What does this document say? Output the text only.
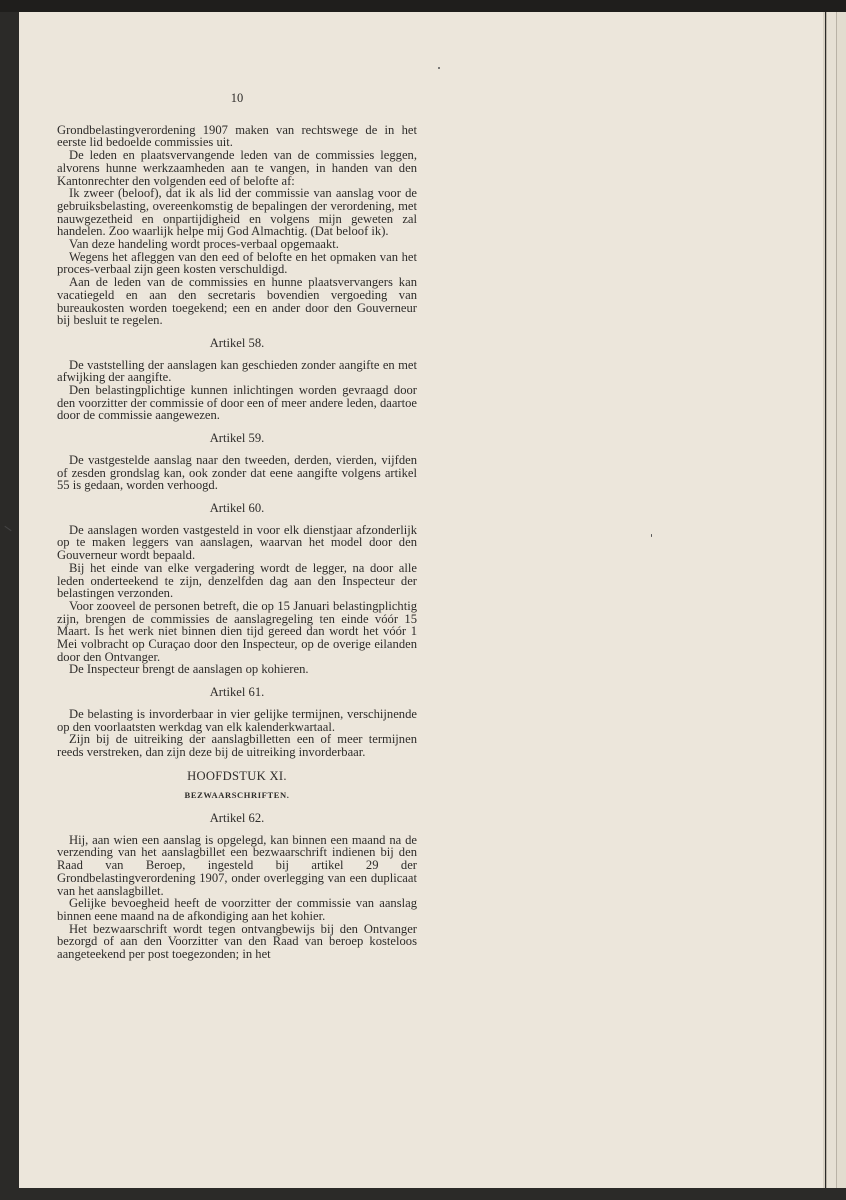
10
Grondbelastingverordening 1907 maken van rechtswege de in het eerste lid bedoelde commissies uit.
De leden en plaatsvervangende leden van de commissies leggen, alvorens hunne werkzaamheden aan te vangen, in handen van den Kantonrechter den volgenden eed of belofte af:
Ik zweer (beloof), dat ik als lid der commissie van aanslag voor de gebruiksbelasting, overeenkomstig de bepalingen der verordening, met nauwgezetheid en onpartijdigheid en volgens mijn geweten zal handelen. Zoo waarlijk helpe mij God Almachtig. (Dat beloof ik).
Van deze handeling wordt proces-verbaal opgemaakt.
Wegens het afleggen van den eed of belofte en het opmaken van het proces-verbaal zijn geen kosten verschuldigd.
Aan de leden van de commissies en hunne plaatsvervangers kan vacatiegeld en aan den secretaris bovendien vergoeding van bureaukosten worden toegekend; een en ander door den Gouverneur bij besluit te regelen.
Artikel 58.
De vaststelling der aanslagen kan geschieden zonder aangifte en met afwijking der aangifte.
Den belastingplichtige kunnen inlichtingen worden gevraagd door den voorzitter der commissie of door een of meer andere leden, daartoe door de commissie aangewezen.
Artikel 59.
De vastgestelde aanslag naar den tweeden, derden, vierden, vijfden of zesden grondslag kan, ook zonder dat eene aangifte volgens artikel 55 is gedaan, worden verhoogd.
Artikel 60.
De aanslagen worden vastgesteld in voor elk dienstjaar afzonderlijk op te maken leggers van aanslagen, waarvan het model door den Gouverneur wordt bepaald.
Bij het einde van elke vergadering wordt de legger, na door alle leden onderteekend te zijn, denzelfden dag aan den Inspecteur der belastingen verzonden.
Voor zooveel de personen betreft, die op 15 Januari belastingplichtig zijn, brengen de commissies de aanslagregeling ten einde vóór 15 Maart. Is het werk niet binnen dien tijd gereed dan wordt het vóór 1 Mei volbracht op Curaçao door den Inspecteur, op de overige eilanden door den Ontvanger.
De Inspecteur brengt de aanslagen op kohieren.
Artikel 61.
De belasting is invorderbaar in vier gelijke termijnen, verschijnende op den voorlaatsten werkdag van elk kalenderkwartaal.
Zijn bij de uitreiking der aanslagbilletten een of meer termijnen reeds verstreken, dan zijn deze bij de uitreiking invorderbaar.
HOOFDSTUK XI.
BEZWAARSCHRIFTEN.
Artikel 62.
Hij, aan wien een aanslag is opgelegd, kan binnen een maand na de verzending van het aanslagbillet een bezwaarschrift indienen bij den Raad van Beroep, ingesteld bij artikel 29 der Grondbelastingverordening 1907, onder overlegging van een duplicaat van het aanslagbillet.
Gelijke bevoegheid heeft de voorzitter der commissie van aanslag binnen eene maand na de afkondiging aan het kohier.
Het bezwaarschrift wordt tegen ontvangbewijs bij den Ontvanger bezorgd of aan den Voorzitter van den Raad van beroep kosteloos aangeteekend per post toegezonden; in het
